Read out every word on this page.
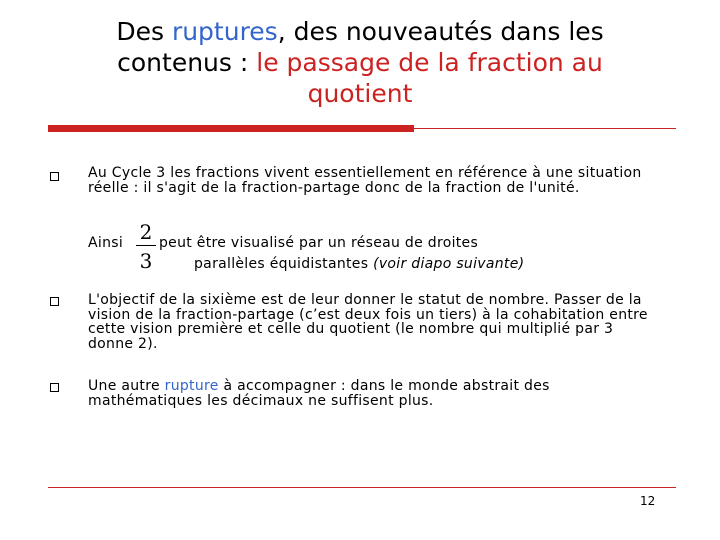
Des ruptures, des nouveautés dans les contenus : le passage de la fraction au quotient
Au Cycle 3 les fractions vivent essentiellement en référence à une situation réelle : il s'agit de la fraction-partage donc de la fraction de l'unité.
Ainsi 2
3
peut être visualisé par un réseau de droites
parallèles équidistantes (voir diapo suivante)
L'objectif de la sixième est de leur donner le statut de nombre. Passer de la vision de la fraction-partage (c’est deux fois un tiers) à la cohabitation entre cette vision première et celle du quotient (le nombre qui multiplié par 3 donne 2).
Une autre rupture à accompagner : dans le monde abstrait des mathématiques les décimaux ne suffisent plus.
12
